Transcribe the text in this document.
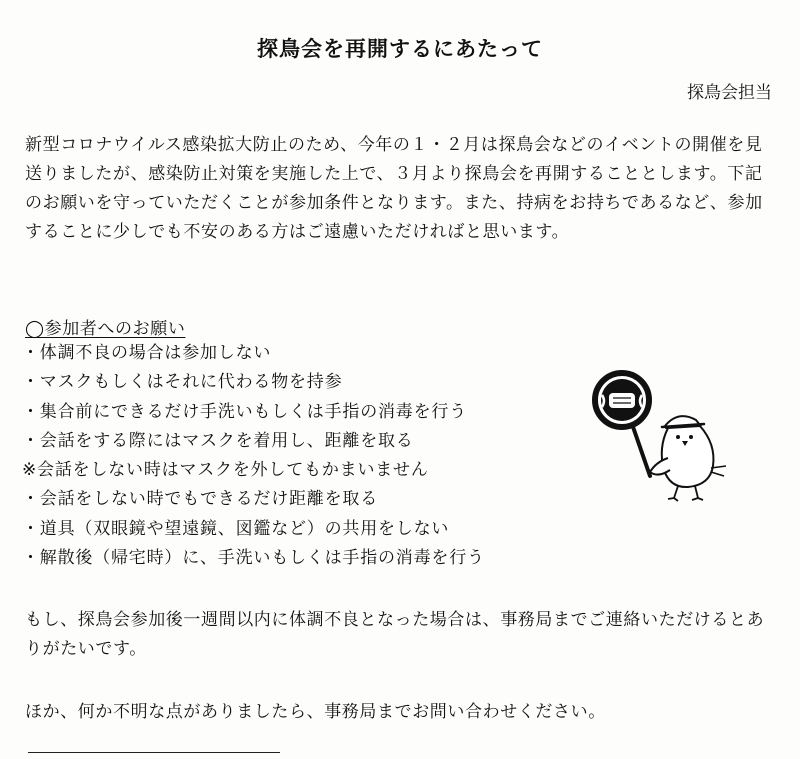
探鳥会を再開するにあたって
探鳥会担当

新型コロナウイルス感染拡大防止のため、今年の１・２月は探鳥会などのイベントの開催を見送りましたが、感染防止対策を実施した上で、３月より探鳥会を再開することとします。下記のお願いを守っていただくことが参加条件となります。また、持病をお持ちであるなど、参加することに少しでも不安のある方はご遠慮いただければと思います。

◯参加者へのお願い
・体調不良の場合は参加しない
・マスクもしくはそれに代わる物を持参
・集合前にできるだけ手洗いもしくは手指の消毒を行う
・会話をする際にはマスクを着用し、距離を取る
※会話をしない時はマスクを外してもかまいません
・会話をしない時でもできるだけ距離を取る
・道具（双眼鏡や望遠鏡、図鑑など）の共用をしない
・解散後（帰宅時）に、手洗いもしくは手指の消毒を行う

もし、探鳥会参加後一週間以内に体調不良となった場合は、事務局までご連絡いただけるとありがたいです。

ほか、何か不明な点がありましたら、事務局までお問い合わせください。
